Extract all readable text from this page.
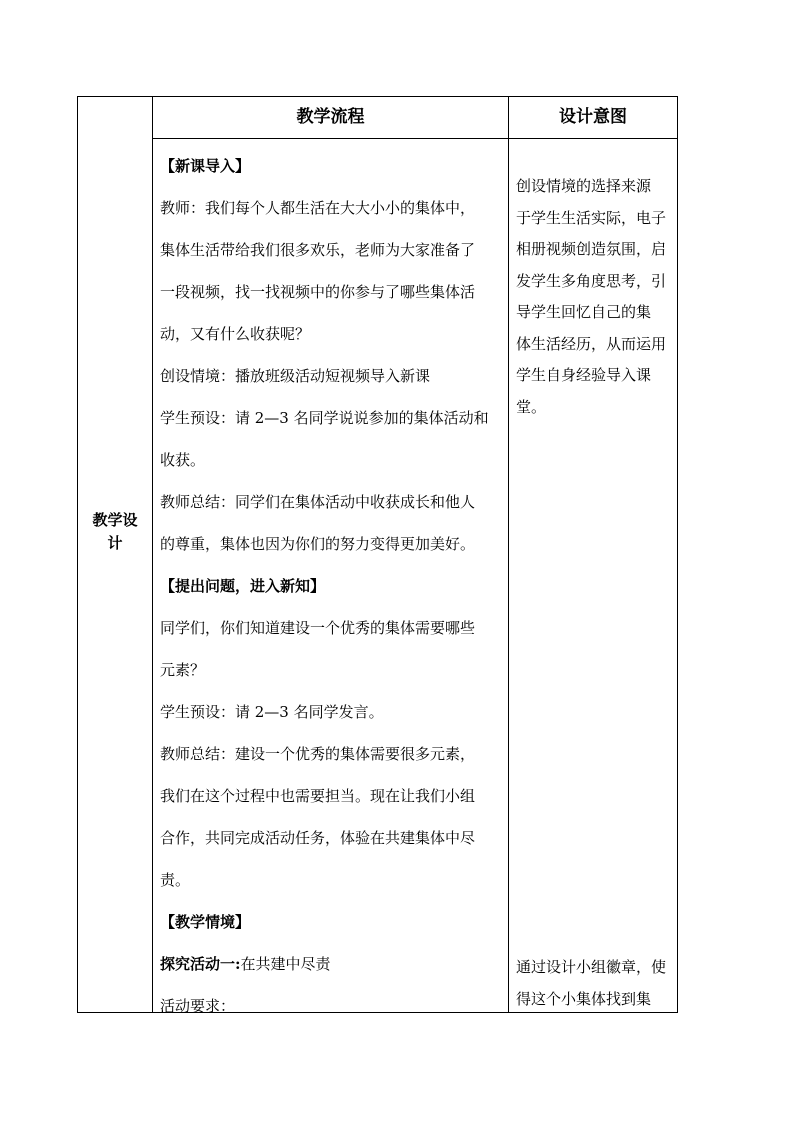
教学流程	设计意图
教学设
计
【新课导入】
教师：我们每个人都生活在大大小小的集体中，
集体生活带给我们很多欢乐，老师为大家准备了
一段视频，找一找视频中的你参与了哪些集体活
动，又有什么收获呢？
创设情境：播放班级活动短视频导入新课
学生预设：请 2—3 名同学说说参加的集体活动和
收获。
教师总结：同学们在集体活动中收获成长和他人
的尊重，集体也因为你们的努力变得更加美好。
【提出问题，进入新知】
同学们，你们知道建设一个优秀的集体需要哪些
元素？
学生预设：请 2—3 名同学发言。
教师总结：建设一个优秀的集体需要很多元素，
我们在这个过程中也需要担当。现在让我们小组
合作，共同完成活动任务，体验在共建集体中尽
责。
【教学情境】
探究活动一:在共建中尽责
活动要求：
创设情境的选择来源
于学生生活实际，电子
相册视频创造氛围，启
发学生多角度思考，引
导学生回忆自己的集
体生活经历，从而运用
学生自身经验导入课
堂。
通过设计小组徽章，使
得这个小集体找到集
